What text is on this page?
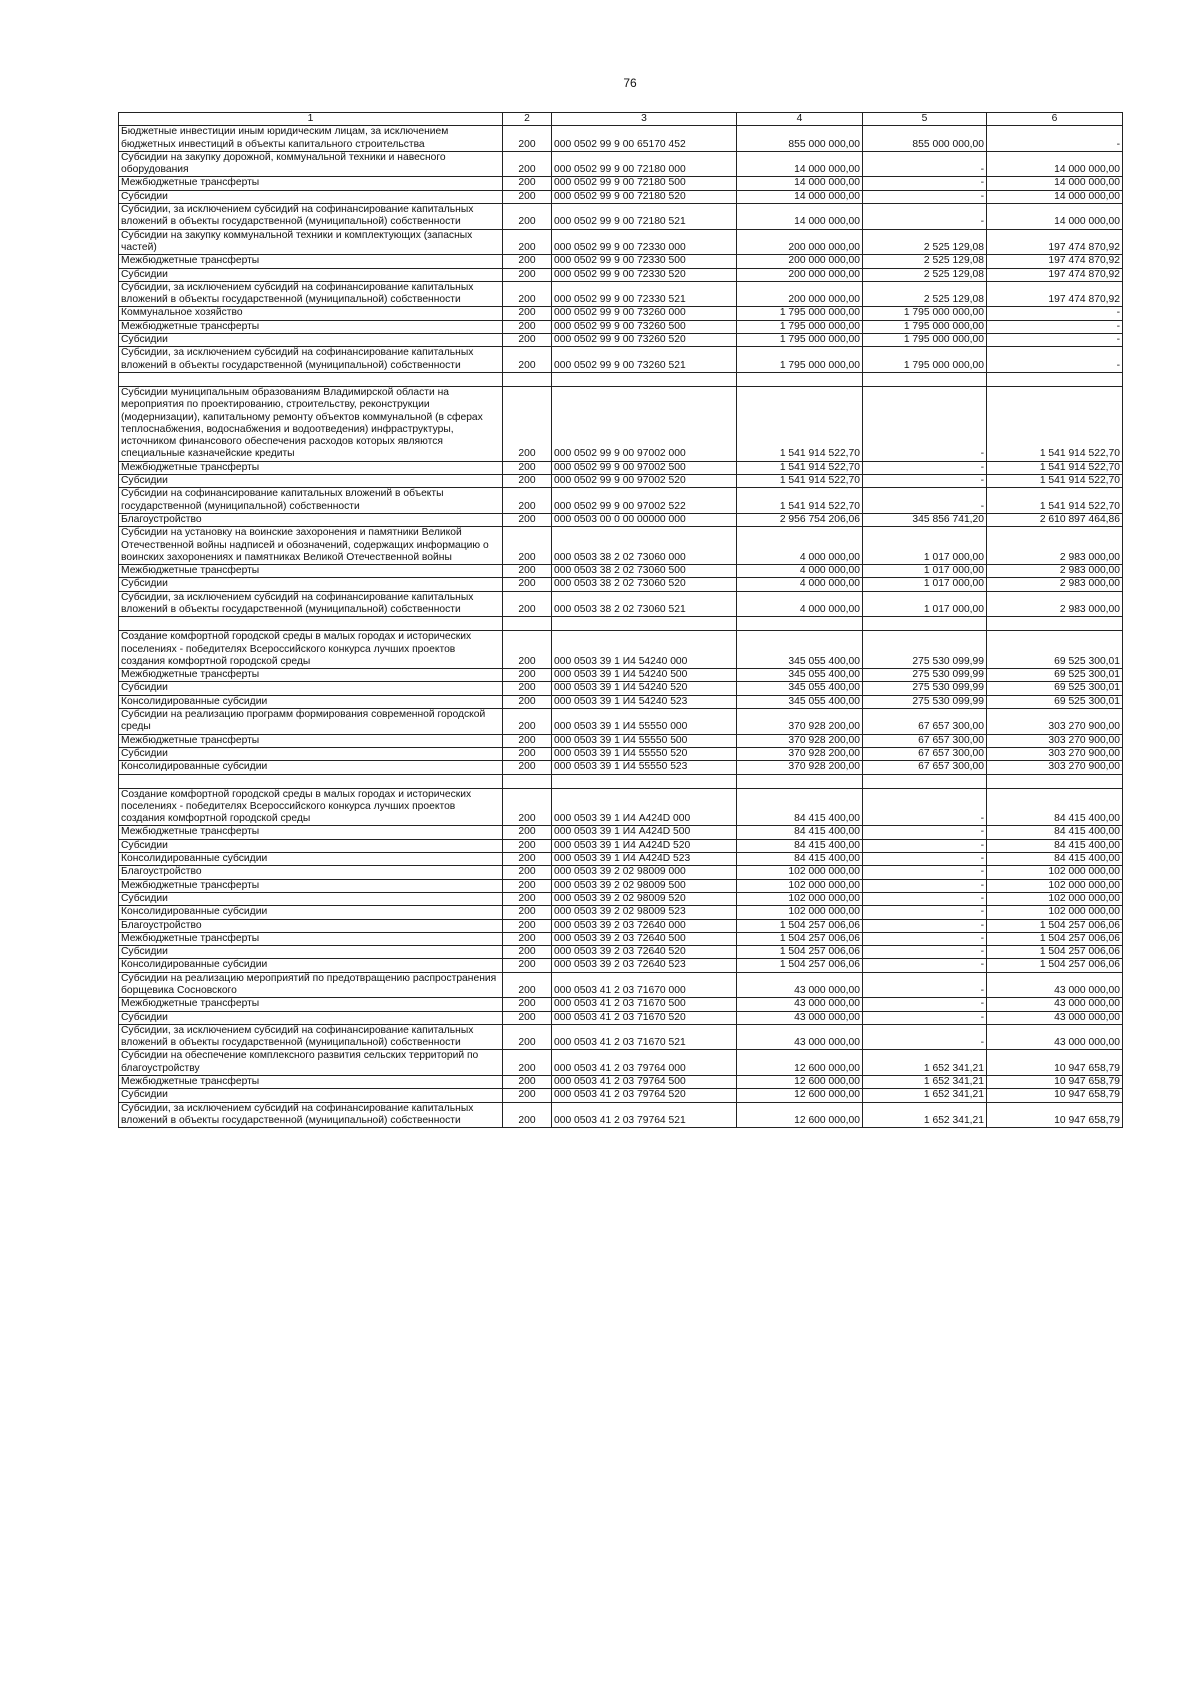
76
1	2	3	4	5	6
Бюджетные инвестиции иным юридическим лицам, за исключением бюджетных инвестиций в объекты капитального строительства	200	000 0502 99 9 00 65170 452	855 000 000,00	855 000 000,00	-
Субсидии на закупку дорожной, коммунальной техники и навесного оборудования	200	000 0502 99 9 00 72180 000	14 000 000,00	-	14 000 000,00
Межбюджетные трансферты	200	000 0502 99 9 00 72180 500	14 000 000,00	-	14 000 000,00
Субсидии	200	000 0502 99 9 00 72180 520	14 000 000,00	-	14 000 000,00
Субсидии, за исключением субсидий на софинансирование капитальных вложений в объекты государственной (муниципальной) собственности	200	000 0502 99 9 00 72180 521	14 000 000,00	-	14 000 000,00
Субсидии на закупку коммунальной техники и комплектующих (запасных частей)	200	000 0502 99 9 00 72330 000	200 000 000,00	2 525 129,08	197 474 870,92
Межбюджетные трансферты	200	000 0502 99 9 00 72330 500	200 000 000,00	2 525 129,08	197 474 870,92
Субсидии	200	000 0502 99 9 00 72330 520	200 000 000,00	2 525 129,08	197 474 870,92
Субсидии, за исключением субсидий на софинансирование капитальных вложений в объекты государственной (муниципальной) собственности	200	000 0502 99 9 00 72330 521	200 000 000,00	2 525 129,08	197 474 870,92
Коммунальное хозяйство	200	000 0502 99 9 00 73260 000	1 795 000 000,00	1 795 000 000,00	-
Межбюджетные трансферты	200	000 0502 99 9 00 73260 500	1 795 000 000,00	1 795 000 000,00	-
Субсидии	200	000 0502 99 9 00 73260 520	1 795 000 000,00	1 795 000 000,00	-
Субсидии, за исключением субсидий на софинансирование капитальных вложений в объекты государственной (муниципальной) собственности	200	000 0502 99 9 00 73260 521	1 795 000 000,00	1 795 000 000,00	-

Субсидии муниципальным образованиям Владимирской области на мероприятия по проектированию, строительству, реконструкции (модернизации), капитальному ремонту объектов коммунальной (в сферах теплоснабжения, водоснабжения и водоотведения) инфраструктуры, источником финансового обеспечения расходов которых являются специальные казначейские кредиты	200	000 0502 99 9 00 97002 000	1 541 914 522,70	-	1 541 914 522,70
Межбюджетные трансферты	200	000 0502 99 9 00 97002 500	1 541 914 522,70	-	1 541 914 522,70
Субсидии	200	000 0502 99 9 00 97002 520	1 541 914 522,70	-	1 541 914 522,70
Субсидии на софинансирование капитальных вложений в объекты государственной (муниципальной) собственности	200	000 0502 99 9 00 97002 522	1 541 914 522,70	-	1 541 914 522,70
Благоустройство	200	000 0503 00 0 00 00000 000	2 956 754 206,06	345 856 741,20	2 610 897 464,86
Субсидии на установку на воинские захоронения и памятники Великой Отечественной войны надписей и обозначений, содержащих информацию о воинских захоронениях и памятниках Великой Отечественной войны	200	000 0503 38 2 02 73060 000	4 000 000,00	1 017 000,00	2 983 000,00
Межбюджетные трансферты	200	000 0503 38 2 02 73060 500	4 000 000,00	1 017 000,00	2 983 000,00
Субсидии	200	000 0503 38 2 02 73060 520	4 000 000,00	1 017 000,00	2 983 000,00
Субсидии, за исключением субсидий на софинансирование капитальных вложений в объекты государственной (муниципальной) собственности	200	000 0503 38 2 02 73060 521	4 000 000,00	1 017 000,00	2 983 000,00

Создание комфортной городской среды в малых городах и исторических поселениях - победителях Всероссийского конкурса лучших проектов создания комфортной городской среды	200	000 0503 39 1 И4 54240 000	345 055 400,00	275 530 099,99	69 525 300,01
Межбюджетные трансферты	200	000 0503 39 1 И4 54240 500	345 055 400,00	275 530 099,99	69 525 300,01
Субсидии	200	000 0503 39 1 И4 54240 520	345 055 400,00	275 530 099,99	69 525 300,01
Консолидированные субсидии	200	000 0503 39 1 И4 54240 523	345 055 400,00	275 530 099,99	69 525 300,01
Субсидии на реализацию программ формирования современной городской среды	200	000 0503 39 1 И4 55550 000	370 928 200,00	67 657 300,00	303 270 900,00
Межбюджетные трансферты	200	000 0503 39 1 И4 55550 500	370 928 200,00	67 657 300,00	303 270 900,00
Субсидии	200	000 0503 39 1 И4 55550 520	370 928 200,00	67 657 300,00	303 270 900,00
Консолидированные субсидии	200	000 0503 39 1 И4 55550 523	370 928 200,00	67 657 300,00	303 270 900,00

Создание комфортной городской среды в малых городах и исторических поселениях - победителях Всероссийского конкурса лучших проектов создания комфортной городской среды	200	000 0503 39 1 И4 А424D 000	84 415 400,00	-	84 415 400,00
Межбюджетные трансферты	200	000 0503 39 1 И4 А424D 500	84 415 400,00	-	84 415 400,00
Субсидии	200	000 0503 39 1 И4 А424D 520	84 415 400,00	-	84 415 400,00
Консолидированные субсидии	200	000 0503 39 1 И4 А424D 523	84 415 400,00	-	84 415 400,00
Благоустройство	200	000 0503 39 2 02 98009 000	102 000 000,00	-	102 000 000,00
Межбюджетные трансферты	200	000 0503 39 2 02 98009 500	102 000 000,00	-	102 000 000,00
Субсидии	200	000 0503 39 2 02 98009 520	102 000 000,00	-	102 000 000,00
Консолидированные субсидии	200	000 0503 39 2 02 98009 523	102 000 000,00	-	102 000 000,00
Благоустройство	200	000 0503 39 2 03 72640 000	1 504 257 006,06	-	1 504 257 006,06
Межбюджетные трансферты	200	000 0503 39 2 03 72640 500	1 504 257 006,06	-	1 504 257 006,06
Субсидии	200	000 0503 39 2 03 72640 520	1 504 257 006,06	-	1 504 257 006,06
Консолидированные субсидии	200	000 0503 39 2 03 72640 523	1 504 257 006,06	-	1 504 257 006,06
Субсидии на реализацию мероприятий по предотвращению распространения борщевика Сосновского	200	000 0503 41 2 03 71670 000	43 000 000,00	-	43 000 000,00
Межбюджетные трансферты	200	000 0503 41 2 03 71670 500	43 000 000,00	-	43 000 000,00
Субсидии	200	000 0503 41 2 03 71670 520	43 000 000,00	-	43 000 000,00
Субсидии, за исключением субсидий на софинансирование капитальных вложений в объекты государственной (муниципальной) собственности	200	000 0503 41 2 03 71670 521	43 000 000,00	-	43 000 000,00
Субсидии на обеспечение комплексного развития сельских территорий по благоустройству	200	000 0503 41 2 03 79764 000	12 600 000,00	1 652 341,21	10 947 658,79
Межбюджетные трансферты	200	000 0503 41 2 03 79764 500	12 600 000,00	1 652 341,21	10 947 658,79
Субсидии	200	000 0503 41 2 03 79764 520	12 600 000,00	1 652 341,21	10 947 658,79
Субсидии, за исключением субсидий на софинансирование капитальных вложений в объекты государственной (муниципальной) собственности	200	000 0503 41 2 03 79764 521	12 600 000,00	1 652 341,21	10 947 658,79
